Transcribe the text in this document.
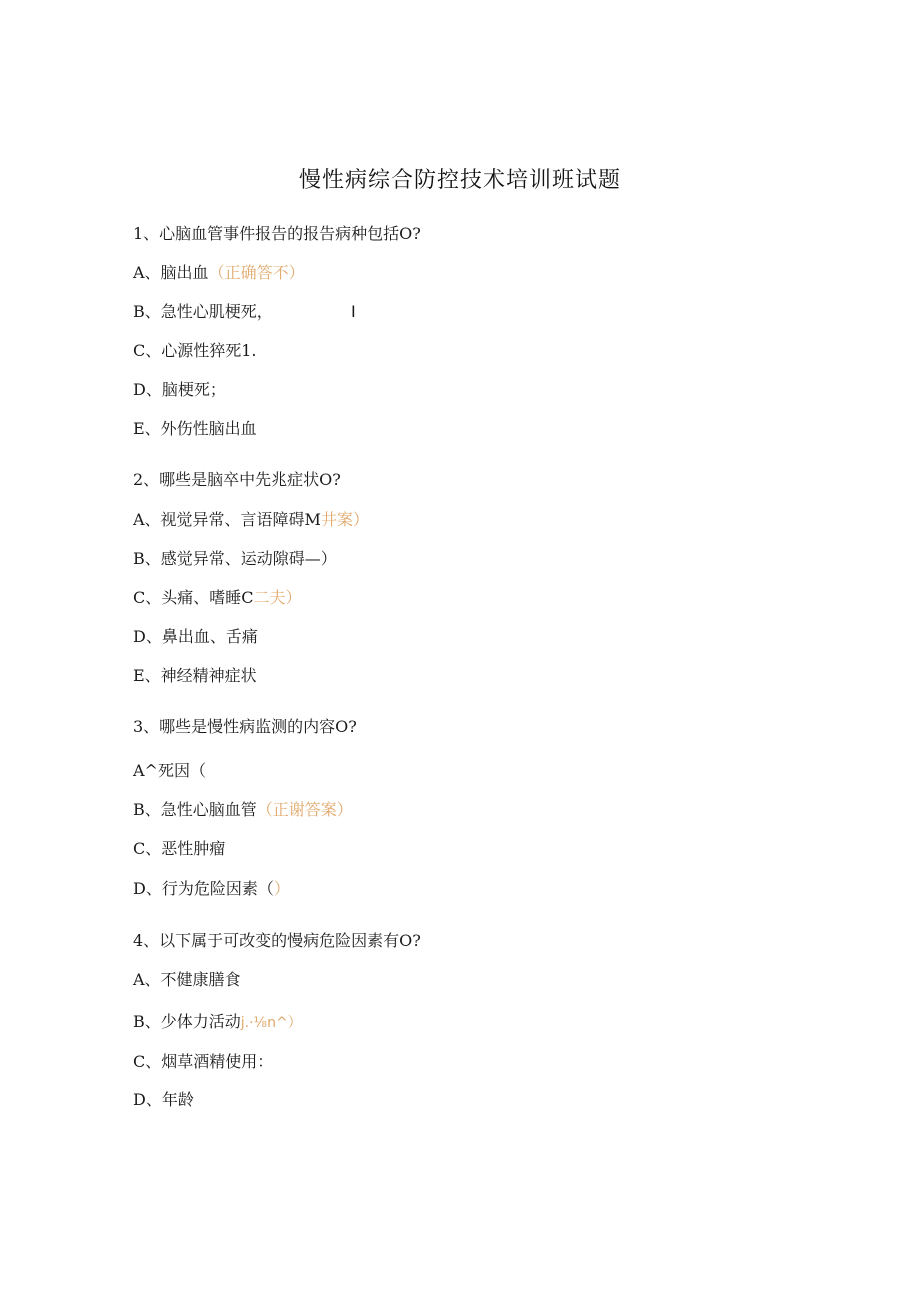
慢性病综合防控技术培训班试题
1、心脑血管事件报告的报告病种包括O?
A、脑出血（正确答不）
B、急性心肌梗死，	I
C、心源性猝死1.
D、脑梗死；
E、外伤性脑出血
2、哪些是脑卒中先兆症状O?
A、视觉异常、言语障碍M井案）
B、感觉异常、运动隙碍—）
C、头痛、嗜睡C二夫）
D、鼻出血、舌痛
E、神经精神症状
3、哪些是慢性病监测的内容O?
A^死因（
B、急性心脑血管（正谢答案）
C、恶性肿瘤
D、行为危险因素（）
4、以下属于可改变的慢病危险因素有O?
A、不健康膳食
B、少体力活动j.·⅛n^）
C、烟草酒精使用：
D、年龄
